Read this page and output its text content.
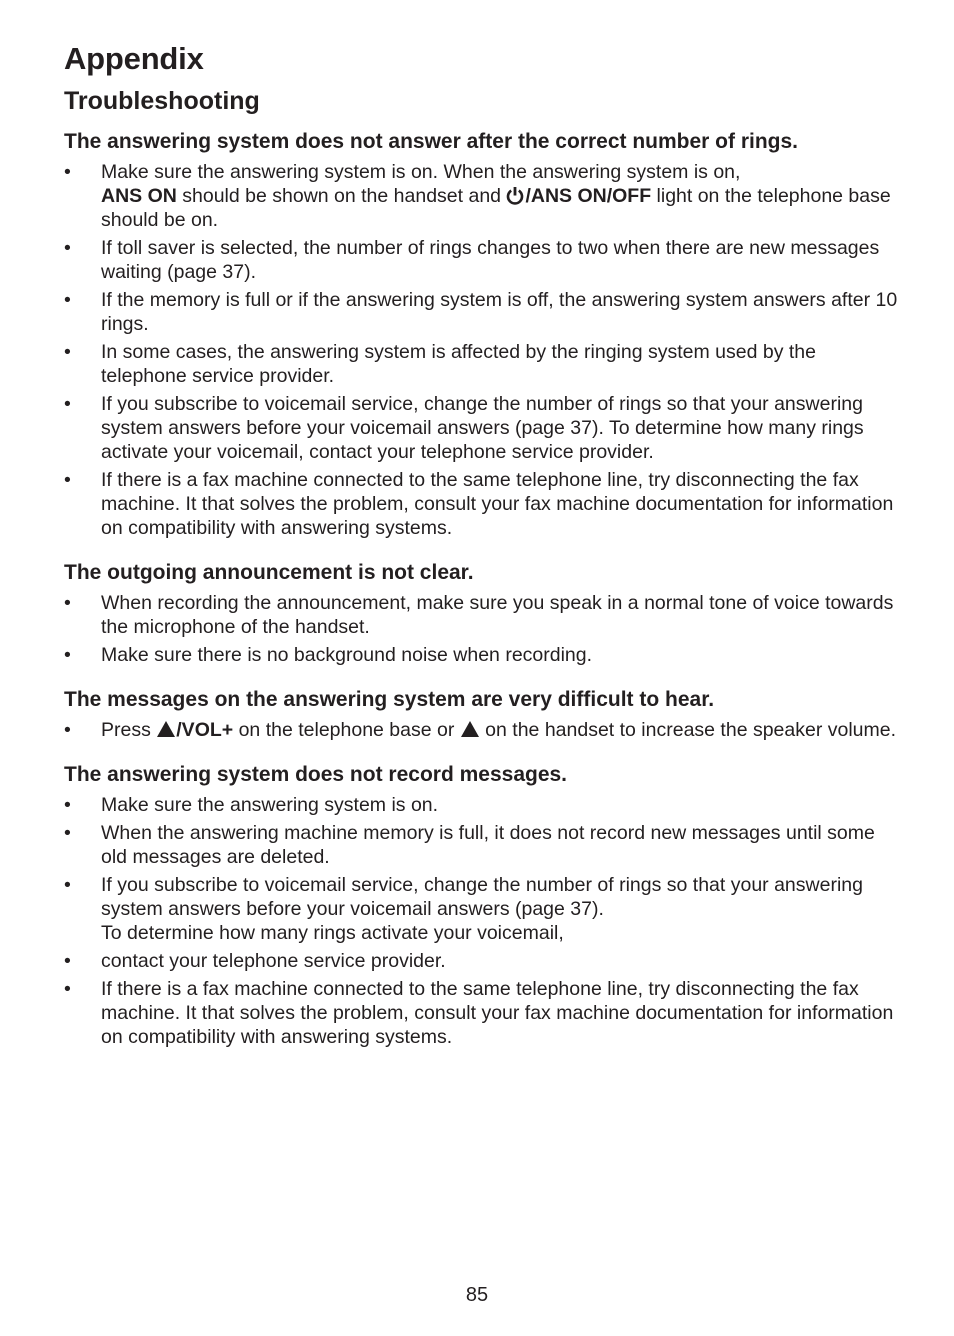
Appendix
Troubleshooting
The answering system does not answer after the correct number of rings.
• Make sure the answering system is on. When the answering system is on,
ANS ON should be shown on the handset and /ANS ON/OFF light on the telephone base should be on.
• If toll saver is selected, the number of rings changes to two when there are new messages waiting (page 37).
• If the memory is full or if the answering system is off, the answering system answers after 10 rings.
• In some cases, the answering system is affected by the ringing system used by the telephone service provider.
• If you subscribe to voicemail service, change the number of rings so that your answering system answers before your voicemail answers (page 37). To determine how many rings activate your voicemail, contact your telephone service provider.
• If there is a fax machine connected to the same telephone line, try disconnecting the fax machine. It that solves the problem, consult your fax machine documentation for information on compatibility with answering systems.
The outgoing announcement is not clear.
• When recording the announcement, make sure you speak in a normal tone of voice towards the microphone of the handset.
• Make sure there is no background noise when recording.
The messages on the answering system are very difficult to hear.
• Press /VOL+ on the telephone base or  on the handset to increase the speaker volume.
The answering system does not record messages.
• Make sure the answering system is on.
• When the answering machine memory is full, it does not record new messages until some old messages are deleted.
• If you subscribe to voicemail service, change the number of rings so that your answering system answers before your voicemail answers (page 37).
To determine how many rings activate your voicemail,
• contact your telephone service provider.
• If there is a fax machine connected to the same telephone line, try disconnecting the fax machine. It that solves the problem, consult your fax machine documentation for information on compatibility with answering systems.
85
